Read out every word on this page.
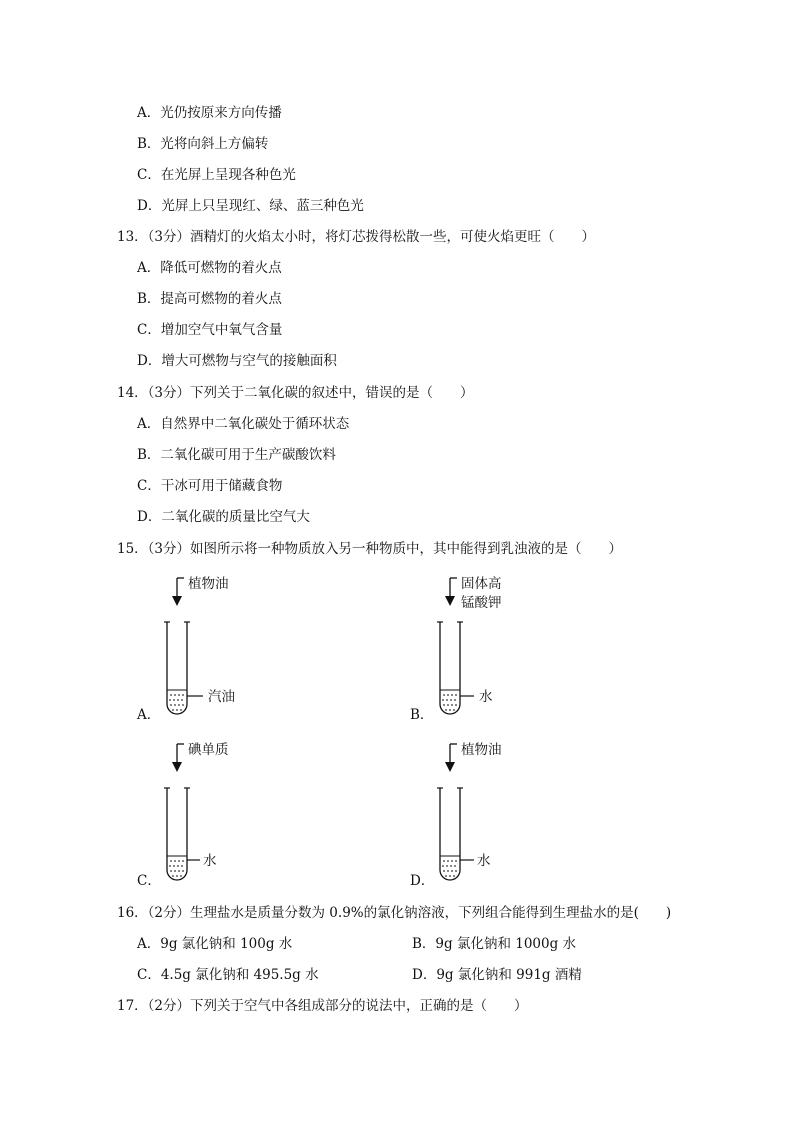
A．光仍按原来方向传播
B．光将向斜上方偏转
C．在光屏上呈现各种色光
D．光屏上只呈现红、绿、蓝三种色光
13．（3分）酒精灯的火焰太小时，将灯芯拨得松散一些，可使火焰更旺（　　）
A．降低可燃物的着火点
B．提高可燃物的着火点
C．增加空气中氧气含量
D．增大可燃物与空气的接触面积
14．（3分）下列关于二氧化碳的叙述中，错误的是（　　）
A．自然界中二氧化碳处于循环状态
B．二氧化碳可用于生产碳酸饮料
C．干冰可用于储藏食物
D．二氧化碳的质量比空气大
15．（3分）如图所示将一种物质放入另一种物质中，其中能得到乳浊液的是（　　）
植物油
汽油
A．
固体高
锰酸钾
水
B．
碘单质
水
C．
植物油
水
D．
16．（2分）生理盐水是质量分数为 0.9%的氯化钠溶液，下列组合能得到生理盐水的是(　　)
A．9g 氯化钠和 100g 水	B．9g 氯化钠和 1000g 水
C．4.5g 氯化钠和 495.5g 水	D．9g 氯化钠和 991g 酒精
17．（2分）下列关于空气中各组成部分的说法中，正确的是（　　）
